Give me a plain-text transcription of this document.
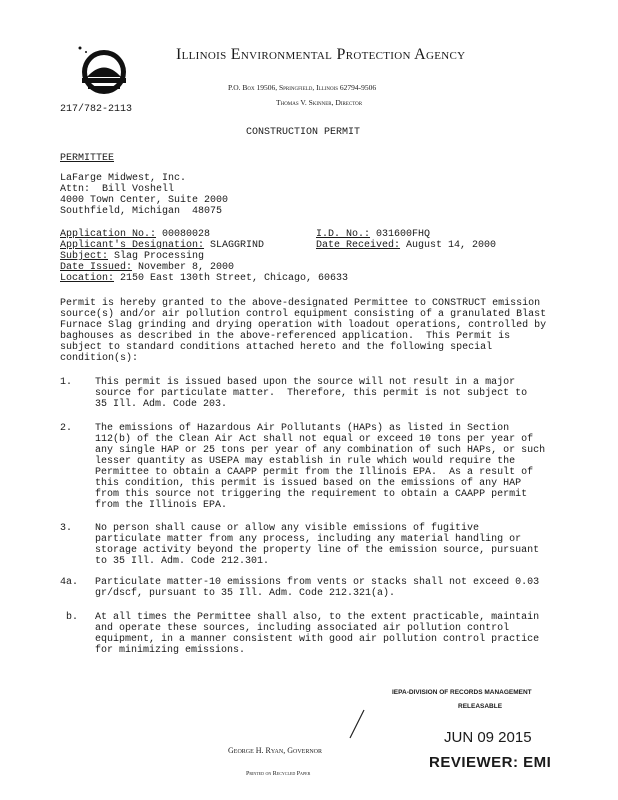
Illinois Environmental Protection Agency
P.O. Box 19506, Springfield, Illinois 62794-9506
Thomas V. Skinner, Director
217/782-2113
CONSTRUCTION PERMIT
PERMITTEE
LaFarge Midwest, Inc.
Attn:  Bill Voshell
4000 Town Center, Suite 2000
Southfield, Michigan  48075
Application No.: 00080028	I.D. No.: 031600FHQ
Applicant's Designation: SLAGGRIND	Date Received: August 14, 2000
Subject: Slag Processing
Date Issued: November 8, 2000
Location: 2150 East 130th Street, Chicago, 60633
Permit is hereby granted to the above-designated Permittee to CONSTRUCT emission
source(s) and/or air pollution control equipment consisting of a granulated Blast
Furnace Slag grinding and drying operation with loadout operations, controlled by
baghouses as described in the above-referenced application.  This Permit is
subject to standard conditions attached hereto and the following special
condition(s):
1. This permit is issued based upon the source will not result in a major
source for particulate matter.  Therefore, this permit is not subject to
35 Ill. Adm. Code 203.
2. The emissions of Hazardous Air Pollutants (HAPs) as listed in Section
112(b) of the Clean Air Act shall not equal or exceed 10 tons per year of
any single HAP or 25 tons per year of any combination of such HAPs, or such
lesser quantity as USEPA may establish in rule which would require the
Permittee to obtain a CAAPP permit from the Illinois EPA.  As a result of
this condition, this permit is issued based on the emissions of any HAP
from this source not triggering the requirement to obtain a CAAPP permit
from the Illinois EPA.
3. No person shall cause or allow any visible emissions of fugitive
particulate matter from any process, including any material handling or
storage activity beyond the property line of the emission source, pursuant
to 35 Ill. Adm. Code 212.301.
4a. Particulate matter-10 emissions from vents or stacks shall not exceed 0.03
gr/dscf, pursuant to 35 Ill. Adm. Code 212.321(a).
b. At all times the Permittee shall also, to the extent practicable, maintain
and operate these sources, including associated air pollution control
equipment, in a manner consistent with good air pollution control practice
for minimizing emissions.
IEPA-DIVISION OF RECORDS MANAGEMENT
RELEASABLE
JUN 09 2015
REVIEWER: EMI
George H. Ryan, Governor
Printed on Recycled Paper
